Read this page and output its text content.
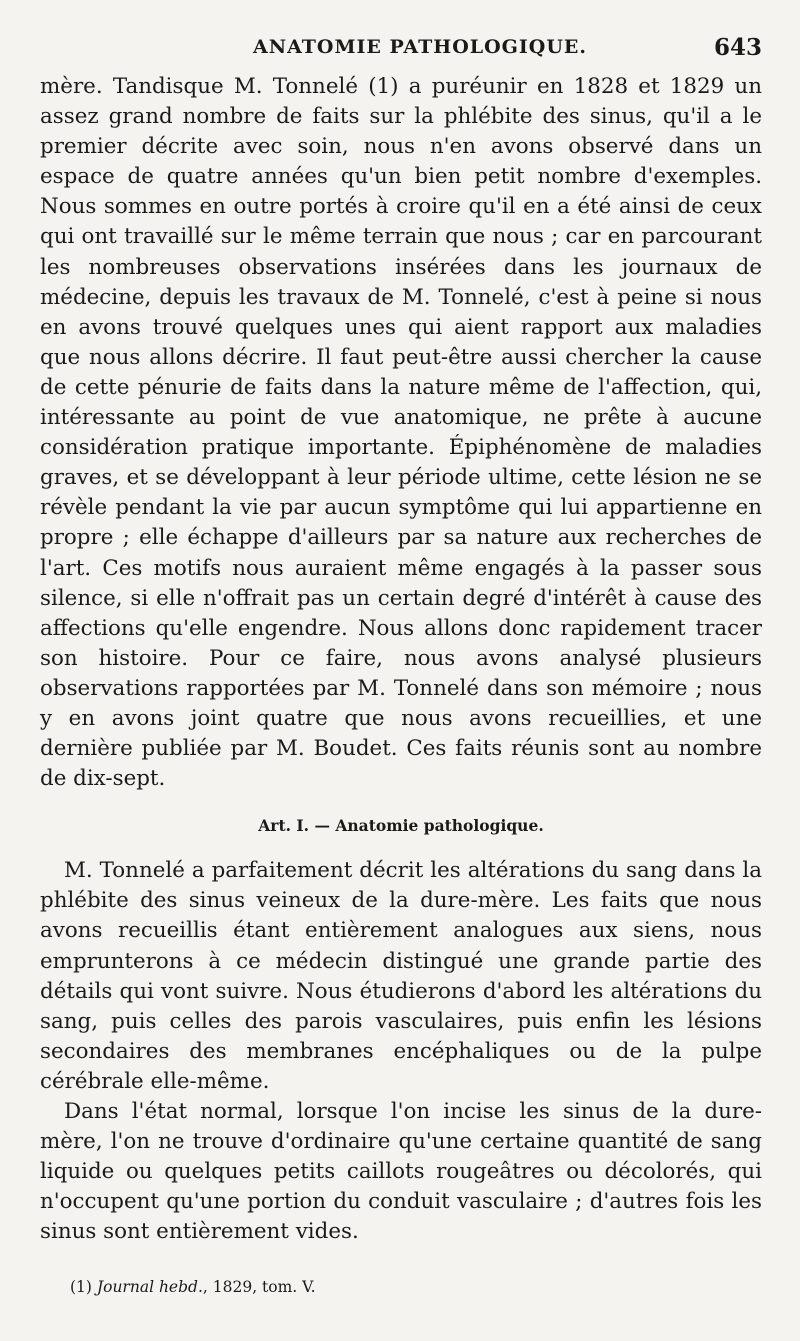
ANATOMIE PATHOLOGIQUE.	643

mère. Tandisque M. Tonnelé (1) a puréunir en 1828 et 1829 un assez grand nombre de faits sur la phlébite des sinus, qu'il a le premier décrite avec soin, nous n'en avons observé dans un espace de quatre années qu'un bien petit nombre d'exemples. Nous sommes en outre portés à croire qu'il en a été ainsi de ceux qui ont travaillé sur le même terrain que nous ; car en parcourant les nombreuses observations insérées dans les journaux de médecine, depuis les travaux de M. Tonnelé, c'est à peine si nous en avons trouvé quelques unes qui aient rapport aux maladies que nous allons décrire. Il faut peut-être aussi chercher la cause de cette pénurie de faits dans la nature même de l'affection, qui, intéressante au point de vue anatomique, ne prête à aucune considération pratique importante. Épiphénomène de maladies graves, et se développant à leur période ultime, cette lésion ne se révèle pendant la vie par aucun symptôme qui lui appartienne en propre ; elle échappe d'ailleurs par sa nature aux recherches de l'art. Ces motifs nous auraient même engagés à la passer sous silence, si elle n'offrait pas un certain degré d'intérêt à cause des affections qu'elle engendre. Nous allons donc rapidement tracer son histoire. Pour ce faire, nous avons analysé plusieurs observations rapportées par M. Tonnelé dans son mémoire ; nous y en avons joint quatre que nous avons recueillies, et une dernière publiée par M. Boudet. Ces faits réunis sont au nombre de dix-sept.

Art. I. — Anatomie pathologique.

M. Tonnelé a parfaitement décrit les altérations du sang dans la phlébite des sinus veineux de la dure-mère. Les faits que nous avons recueillis étant entièrement analogues aux siens, nous emprunterons à ce médecin distingué une grande partie des détails qui vont suivre. Nous étudierons d'abord les altérations du sang, puis celles des parois vasculaires, puis enfin les lésions secondaires des membranes encéphaliques ou de la pulpe cérébrale elle-même.

Dans l'état normal, lorsque l'on incise les sinus de la dure-mère, l'on ne trouve d'ordinaire qu'une certaine quantité de sang liquide ou quelques petits caillots rougeâtres ou décolorés, qui n'occupent qu'une portion du conduit vasculaire ; d'autres fois les sinus sont entièrement vides.

(1) Journal hebd., 1829, tom. V.
